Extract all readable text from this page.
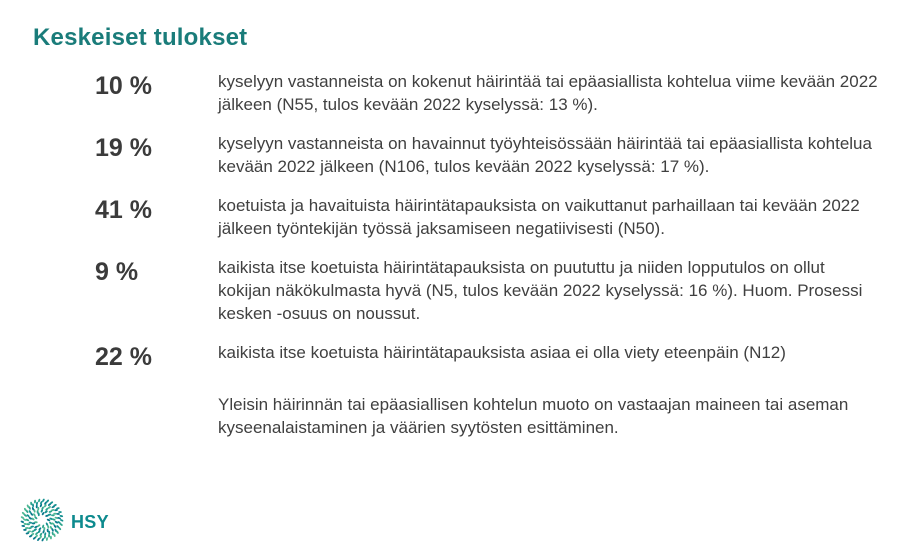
Keskeiset tulokset
10 %	kyselyyn vastanneista on kokenut häirintää tai epäasiallista kohtelua viime kevään 2022 jälkeen (N55, tulos kevään 2022 kyselyssä: 13 %).
19 %	kyselyyn vastanneista on havainnut työyhteisössään häirintää tai epäasiallista kohtelua kevään 2022 jälkeen (N106, tulos kevään 2022 kyselyssä: 17 %).
41 %	koetuista ja havaituista häirintätapauksista on vaikuttanut parhaillaan tai kevään 2022 jälkeen työntekijän työssä jaksamiseen negatiivisesti (N50).
9 %	kaikista itse koetuista häirintätapauksista on puututtu ja niiden lopputulos on ollut kokijan näkökulmasta hyvä (N5, tulos kevään 2022 kyselyssä: 16 %). Huom. Prosessi kesken -osuus on noussut.
22 %	kaikista itse koetuista häirintätapauksista asiaa ei olla viety eteenpäin (N12)
Yleisin häirinnän tai epäasiallisen kohtelun muoto on vastaajan maineen tai aseman kyseenalaistaminen ja väärien syytösten esittäminen.
HSY
